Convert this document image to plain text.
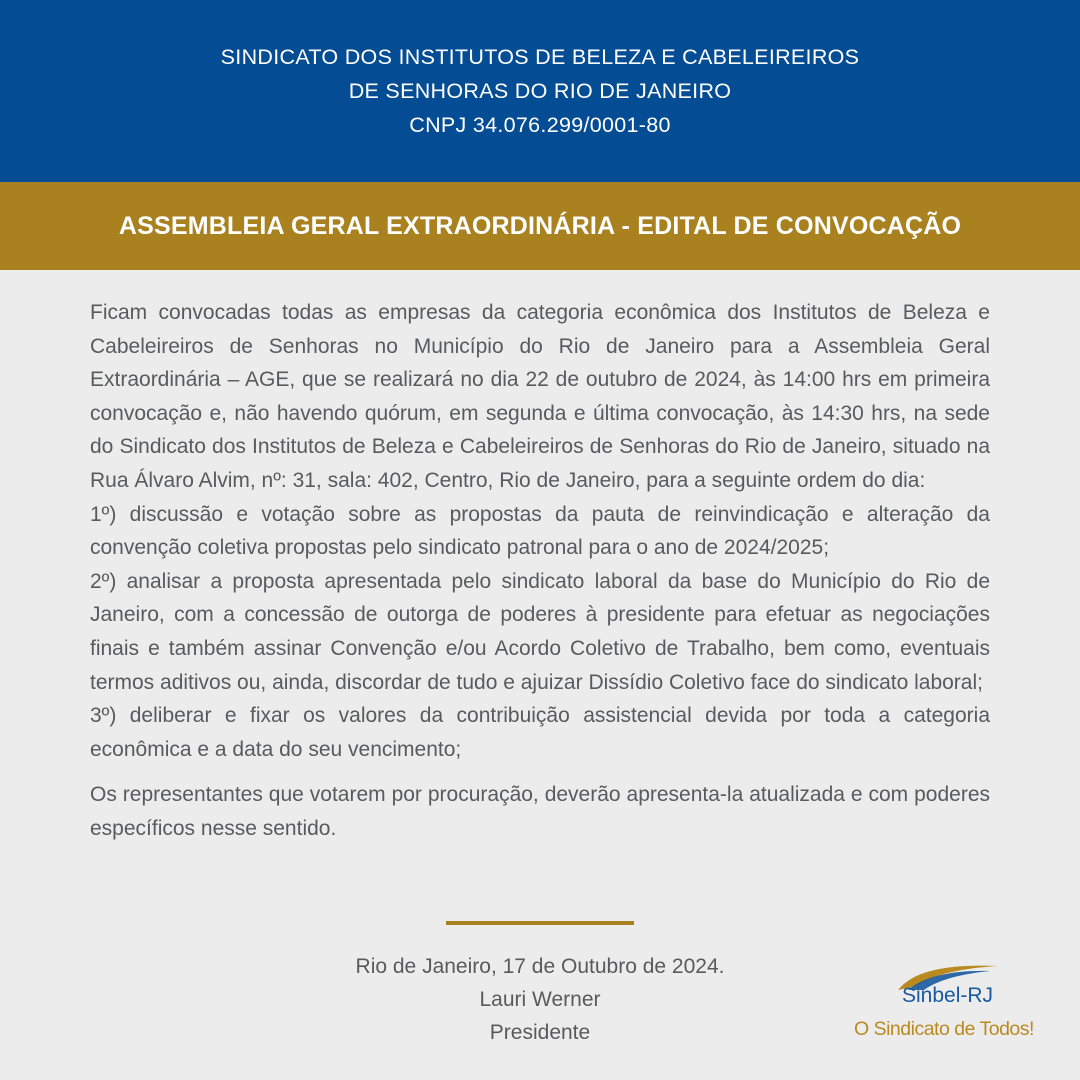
SINDICATO DOS INSTITUTOS DE BELEZA E CABELEIREIROS
DE SENHORAS DO RIO DE JANEIRO
CNPJ 34.076.299/0001-80
ASSEMBLEIA GERAL EXTRAORDINÁRIA - EDITAL DE CONVOCAÇÃO

Ficam convocadas todas as empresas da categoria econômica dos Institutos de Beleza e Cabeleireiros de Senhoras no Município do Rio de Janeiro para a Assembleia Geral Extraordinária – AGE, que se realizará no dia 22 de outubro de 2024, às 14:00 hrs em primeira convocação e, não havendo quórum, em segunda e última convocação, às 14:30 hrs, na sede do Sindicato dos Institutos de Beleza e Cabeleireiros de Senhoras do Rio de Janeiro, situado na Rua Álvaro Alvim, nº: 31, sala: 402, Centro, Rio de Janeiro, para a seguinte ordem do dia:

1º) discussão e votação sobre as propostas da pauta de reinvindicação e alteração da convenção coletiva propostas pelo sindicato patronal para o ano de 2024/2025;

2º) analisar a proposta apresentada pelo sindicato laboral da base do Município do Rio de Janeiro, com a concessão de outorga de poderes à presidente para efetuar as negociações finais e também assinar Convenção e/ou Acordo Coletivo de Trabalho, bem como, eventuais termos aditivos ou, ainda, discordar de tudo e ajuizar Dissídio Coletivo face do sindicato laboral;

3º) deliberar e fixar os valores da contribuição assistencial devida por toda a categoria econômica e a data do seu vencimento;

Os representantes que votarem por procuração, deverão apresenta-la atualizada e com poderes específicos nesse sentido.

Rio de Janeiro, 17 de Outubro de 2024.
Lauri Werner
Presidente
Sinbel-RJ
O Sindicato de Todos!
